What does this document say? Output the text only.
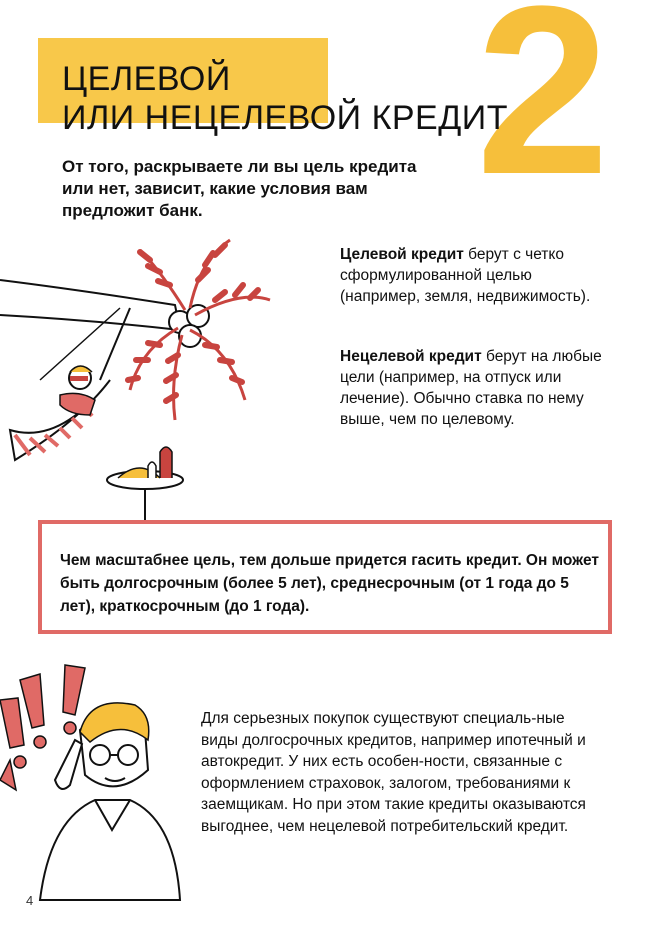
2
ЦЕЛЕВОЙ
ИЛИ НЕЦЕЛЕВОЙ КРЕДИТ

От того, раскрываете ли вы цель кредита или нет, зависит, какие условия вам предложит банк.

Целевой кредит берут с четко сформулированной целью (например, земля, недвижимость).

Нецелевой кредит берут на любые цели (например, на отпуск или лечение). Обычно ставка по нему выше, чем по целевому.

Чем масштабнее цель, тем дольше придется гасить кредит. Он может быть долгосрочным (более 5 лет), среднесрочным (от 1 года до 5 лет), краткосрочным (до 1 года).

Для серьезных покупок существуют специаль-ные виды долгосрочных кредитов, например ипотечный и автокредит. У них есть особен-ности, связанные с оформлением страховок, залогом, требованиями к заемщикам. Но при этом такие кредиты оказываются выгоднее, чем нецелевой потребительский кредит.

4
